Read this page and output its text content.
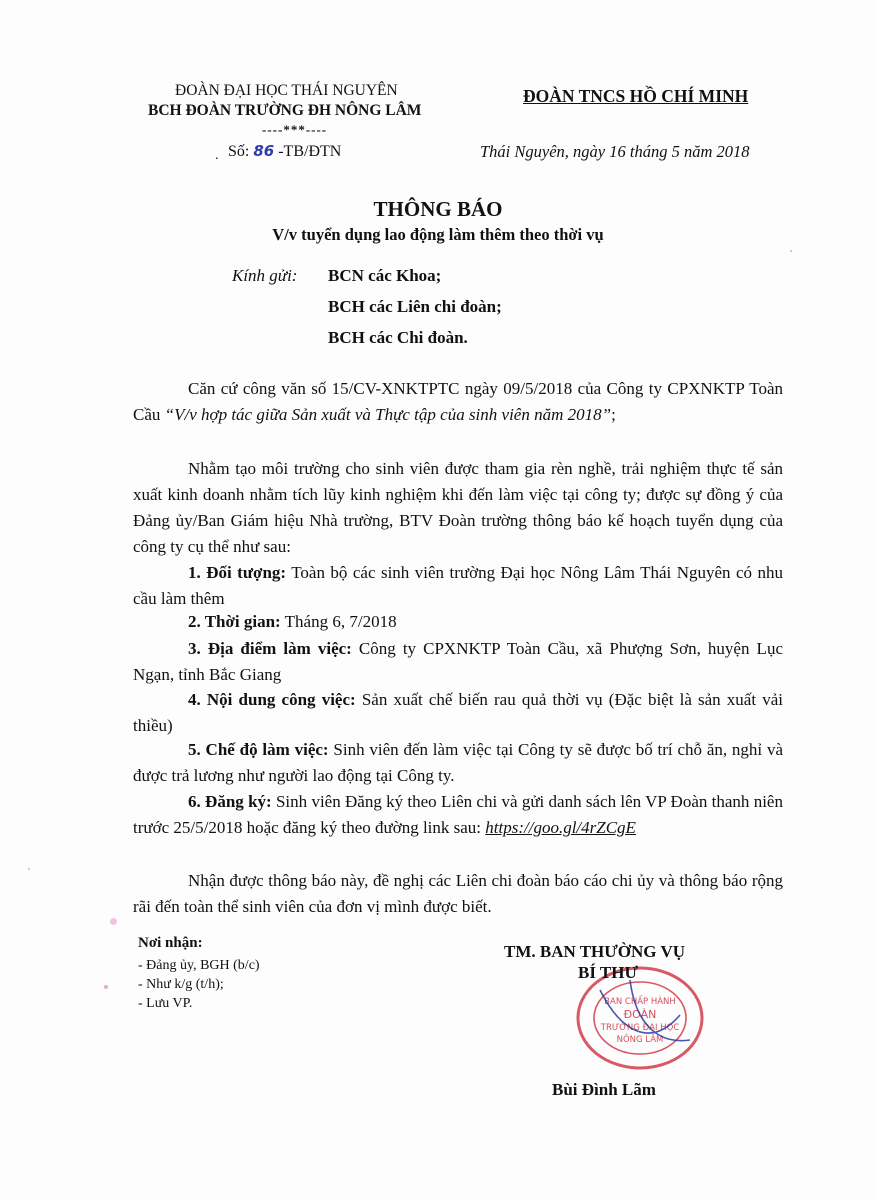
ĐOÀN ĐẠI HỌC THÁI NGUYÊN
BCH ĐOÀN TRƯỜNG ĐH NÔNG LÂM
----***----
. Số: 86 -TB/ĐTN
ĐOÀN TNCS HỒ CHÍ MINH
Thái Nguyên, ngày 16 tháng 5 năm 2018
THÔNG BÁO
V/v tuyển dụng lao động làm thêm theo thời vụ
Kính gửi: BCN các Khoa;
BCH các Liên chi đoàn;
BCH các Chi đoàn.
Căn cứ công văn số 15/CV-XNKTPTC ngày 09/5/2018 của Công ty CPXNKTP Toàn Cầu “V/v hợp tác giữa Sản xuất và Thực tập của sinh viên năm 2018”;
Nhằm tạo môi trường cho sinh viên được tham gia rèn nghề, trải nghiệm thực tế sản xuất kinh doanh nhằm tích lũy kinh nghiệm khi đến làm việc tại công ty; được sự đồng ý của Đảng ủy/Ban Giám hiệu Nhà trường, BTV Đoàn trường thông báo kế hoạch tuyển dụng của công ty cụ thể như sau:
1. Đối tượng: Toàn bộ các sinh viên trường Đại học Nông Lâm Thái Nguyên có nhu cầu làm thêm
2. Thời gian: Tháng 6, 7/2018
3. Địa điểm làm việc: Công ty CPXNKTP Toàn Cầu, xã Phượng Sơn, huyện Lục Ngạn, tỉnh Bắc Giang
4. Nội dung công việc: Sản xuất chế biến rau quả thời vụ (Đặc biệt là sản xuất vải thiều)
5. Chế độ làm việc: Sinh viên đến làm việc tại Công ty sẽ được bố trí chỗ ăn, nghỉ và được trả lương như người lao động tại Công ty.
6. Đăng ký: Sinh viên Đăng ký theo Liên chi và gửi danh sách lên VP Đoàn thanh niên trước 25/5/2018 hoặc đăng ký theo đường link sau: https://goo.gl/4rZCgE
Nhận được thông báo này, đề nghị các Liên chi đoàn báo cáo chi ủy và thông báo rộng rãi đến toàn thể sinh viên của đơn vị mình được biết.
Nơi nhận:
- Đảng ủy, BGH (b/c)
- Như k/g (t/h);
- Lưu VP.	BAN CHẤP HÀNH
ĐOÀN
TRƯỜNG ĐẠI HỌC
NÔNG LÂM
TM. BAN THƯỜNG VỤ
BÍ THƯ
Bùi Đình Lãm
